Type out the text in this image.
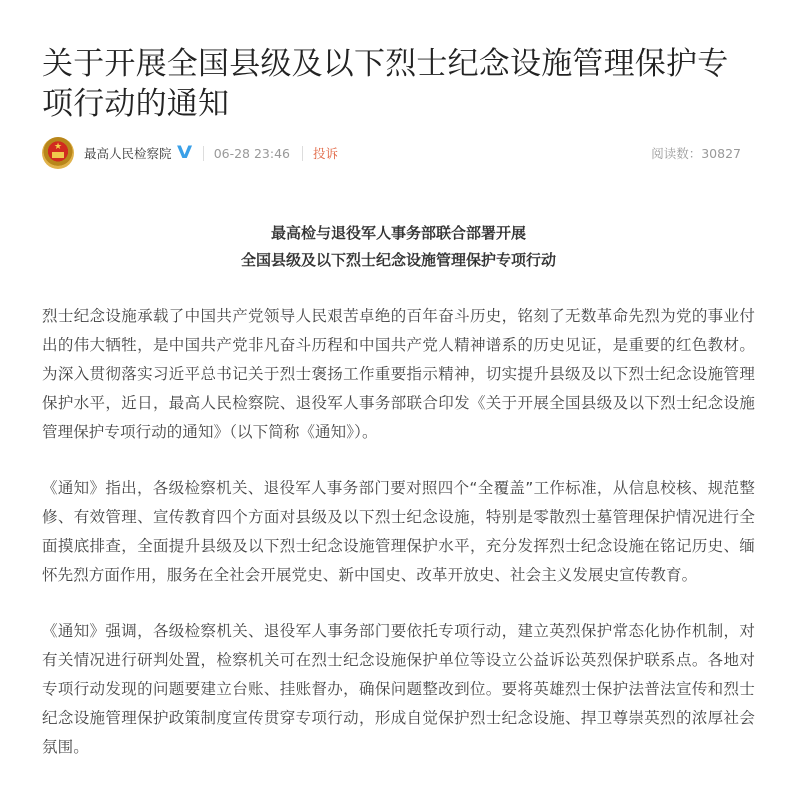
关于开展全国县级及以下烈士纪念设施管理保护专项行动的通知
★ 最高人民检察院 V 06-28 23:46 投诉	阅读数：30827
最高检与退役军人事务部联合部署开展
全国县级及以下烈士纪念设施管理保护专项行动

烈士纪念设施承载了中国共产党领导人民艰苦卓绝的百年奋斗历史，铭刻了无数革命先烈为党的事业付出的伟大牺牲，是中国共产党非凡奋斗历程和中国共产党人精神谱系的历史见证，是重要的红色教材。为深入贯彻落实习近平总书记关于烈士褒扬工作重要指示精神，切实提升县级及以下烈士纪念设施管理保护水平，近日，最高人民检察院、退役军人事务部联合印发《关于开展全国县级及以下烈士纪念设施管理保护专项行动的通知》（以下简称《通知》）。

《通知》指出，各级检察机关、退役军人事务部门要对照四个“全覆盖”工作标准，从信息校核、规范整修、有效管理、宣传教育四个方面对县级及以下烈士纪念设施，特别是零散烈士墓管理保护情况进行全面摸底排查，全面提升县级及以下烈士纪念设施管理保护水平，充分发挥烈士纪念设施在铭记历史、缅怀先烈方面作用，服务在全社会开展党史、新中国史、改革开放史、社会主义发展史宣传教育。

《通知》强调，各级检察机关、退役军人事务部门要依托专项行动，建立英烈保护常态化协作机制，对有关情况进行研判处置，检察机关可在烈士纪念设施保护单位等设立公益诉讼英烈保护联系点。各地对专项行动发现的问题要建立台账、挂账督办，确保问题整改到位。要将英雄烈士保护法普法宣传和烈士纪念设施管理保护政策制度宣传贯穿专项行动，形成自觉保护烈士纪念设施、捍卫尊崇英烈的浓厚社会氛围。
